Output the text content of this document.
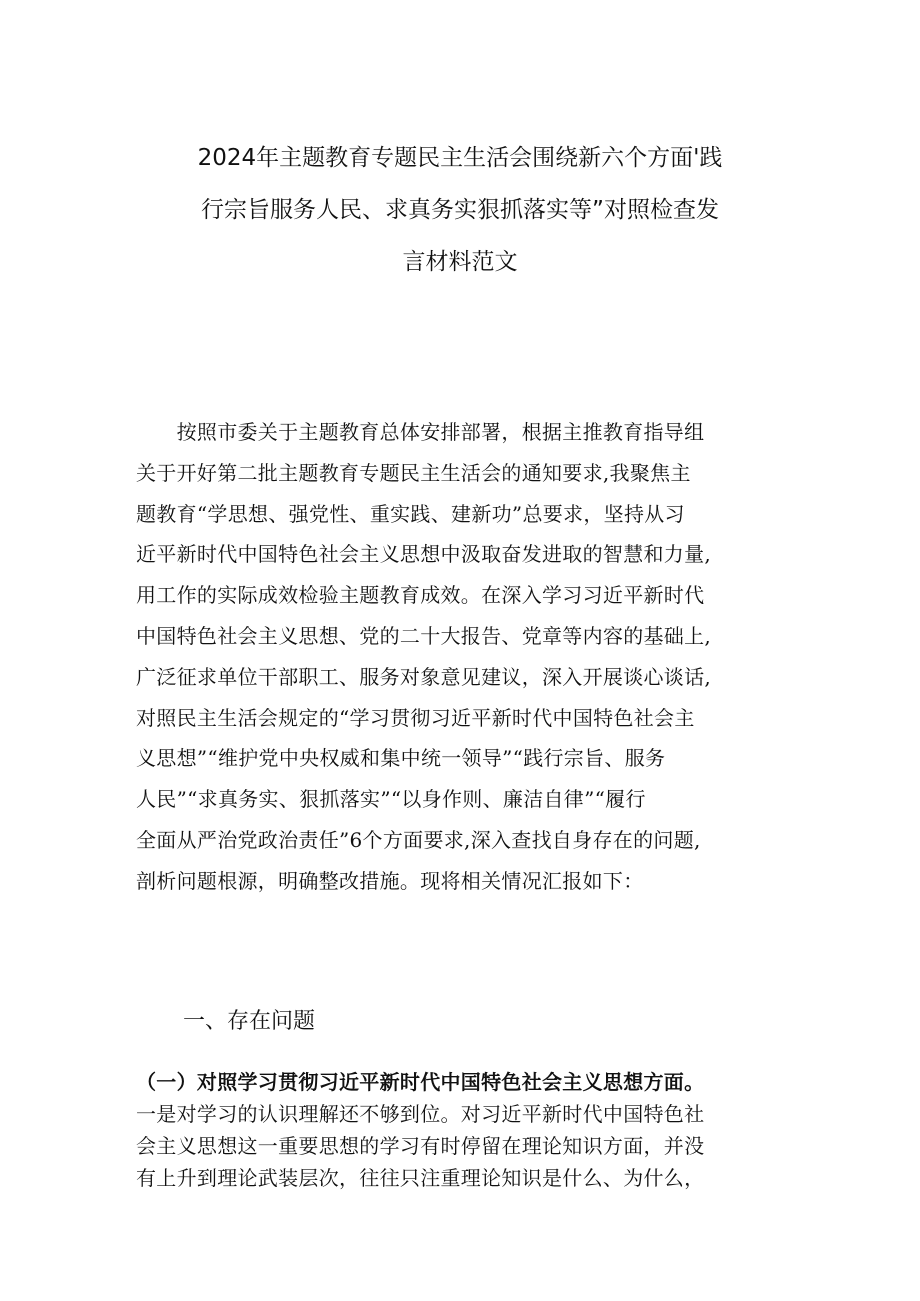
2024年主题教育专题民主生活会围绕新六个方面'践
行宗旨服务人民、求真务实狠抓落实等”对照检查发
言材料范文
　　按照市委关于主题教育总体安排部署，根据主推教育指导组
关于开好第二批主题教育专题民主生活会的通知要求,我聚焦主
题教育“学思想、强党性、重实践、建新功”总要求，坚持从习
近平新时代中国特色社会主义思想中汲取奋发进取的智慧和力量,
用工作的实际成效检验主题教育成效。在深入学习习近平新时代
中国特色社会主义思想、党的二十大报告、党章等内容的基础上,
广泛征求单位干部职工、服务对象意见建议，深入开展谈心谈话,
对照民主生活会规定的“学习贯彻习近平新时代中国特色社会主
义思想”“维护党中央权威和集中统一领导”“践行宗旨、服务
人民”“求真务实、狠抓落实”“以身作则、廉洁自律”“履行
全面从严治党政治责任”6个方面要求,深入查找自身存在的问题,
剖析问题根源，明确整改措施。现将相关情况汇报如下：
一、存在问题
（一）对照学习贯彻习近平新时代中国特色社会主义思想方面。
一是对学习的认识理解还不够到位。对习近平新时代中国特色社
会主义思想这一重要思想的学习有时停留在理论知识方面，并没
有上升到理论武装层次，往往只注重理论知识是什么、为什么，
